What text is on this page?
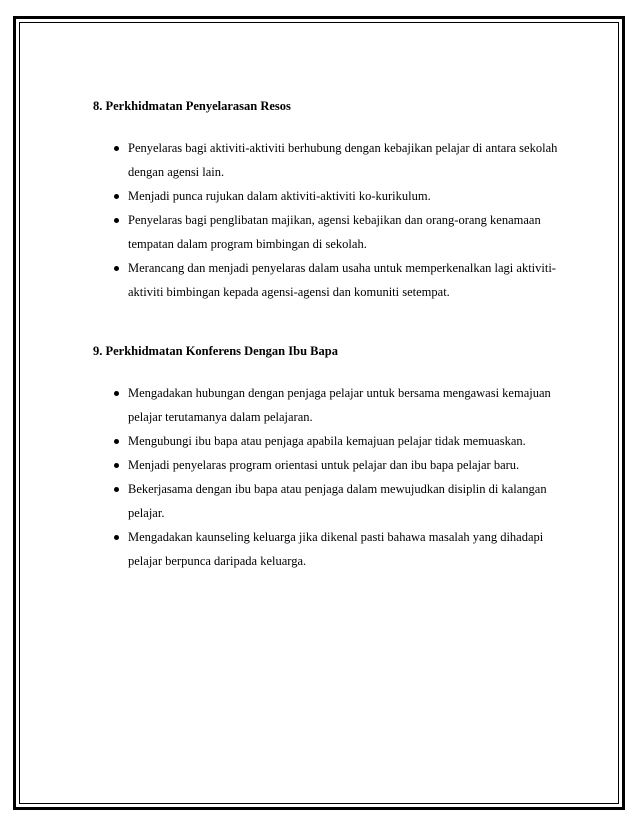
8. Perkhidmatan Penyelarasan Resos

Penyelaras bagi aktiviti-aktiviti berhubung dengan kebajikan pelajar di antara sekolah dengan agensi lain.
Menjadi punca rujukan dalam aktiviti-aktiviti ko-kurikulum.
Penyelaras bagi penglibatan majikan, agensi kebajikan dan orang-orang kenamaan tempatan dalam program bimbingan di sekolah.
Merancang dan menjadi penyelaras dalam usaha untuk memperkenalkan lagi aktiviti-aktiviti bimbingan kepada agensi-agensi dan komuniti setempat.

9. Perkhidmatan Konferens Dengan Ibu Bapa

Mengadakan hubungan dengan penjaga pelajar untuk bersama mengawasi kemajuan pelajar terutamanya dalam pelajaran.
Mengubungi ibu bapa atau penjaga apabila kemajuan pelajar tidak memuaskan.
Menjadi penyelaras program orientasi untuk pelajar dan ibu bapa pelajar baru.
Bekerjasama dengan ibu bapa atau penjaga dalam mewujudkan disiplin di kalangan pelajar.
Mengadakan kaunseling keluarga jika dikenal pasti bahawa masalah yang dihadapi pelajar berpunca daripada keluarga.
